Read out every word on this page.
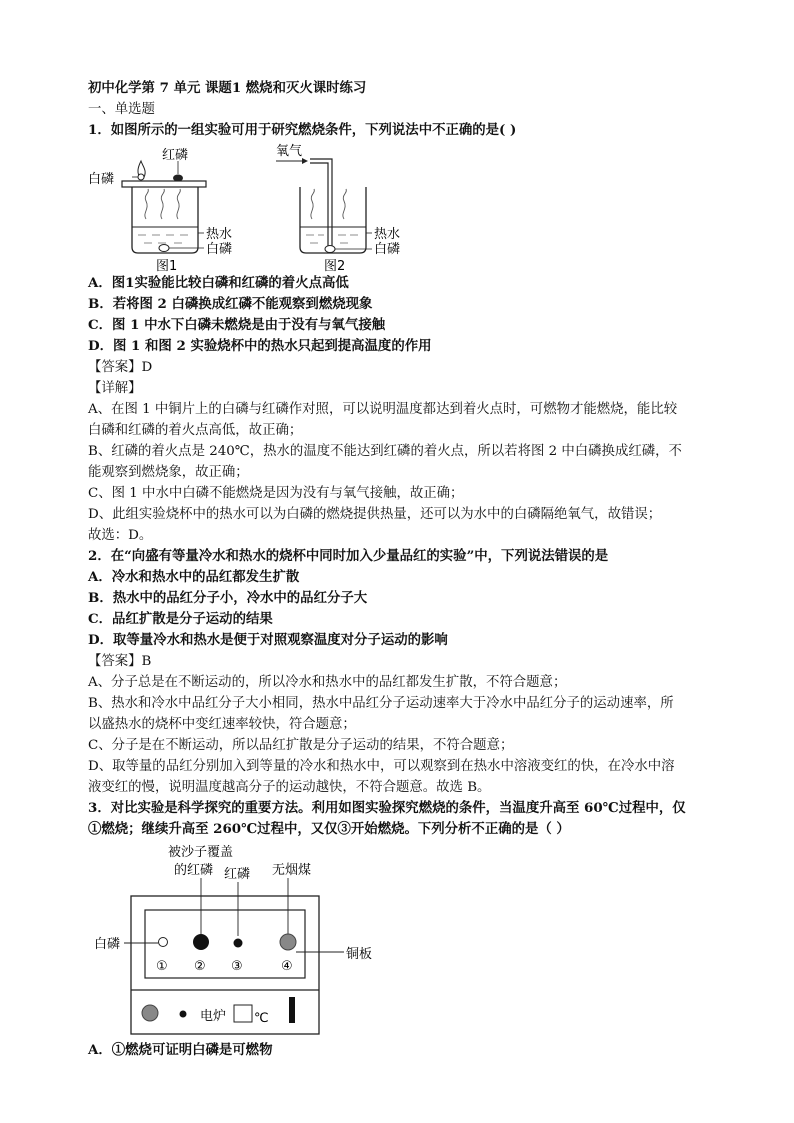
初中化学第 7 单元 课题1 燃烧和灭火课时练习
一、单选题
1．如图所示的一组实验可用于研究燃烧条件，下列说法中不正确的是( )
红磷
白磷
热水
白磷
图1
氧气
热水
白磷
图2
A．图1实验能比较白磷和红磷的着火点高低
B．若将图 2 白磷换成红磷不能观察到燃烧现象
C．图 1 中水下白磷未燃烧是由于没有与氧气接触
D．图 1 和图 2 实验烧杯中的热水只起到提高温度的作用
【答案】D
【详解】
A、在图 1 中铜片上的白磷与红磷作对照，可以说明温度都达到着火点时，可燃物才能燃烧，能比较
白磷和红磷的着火点高低，故正确；
B、红磷的着火点是 240℃，热水的温度不能达到红磷的着火点，所以若将图 2 中白磷换成红磷，不
能观察到燃烧象，故正确；
C、图 1 中水中白磷不能燃烧是因为没有与氧气接触，故正确；
D、此组实验烧杯中的热水可以为白磷的燃烧提供热量，还可以为水中的白磷隔绝氧气，故错误；
故选：D。
2．在“向盛有等量冷水和热水的烧杯中同时加入少量品红的实验”中，下列说法错误的是
A．冷水和热水中的品红都发生扩散
B．热水中的品红分子小，冷水中的品红分子大
C．品红扩散是分子运动的结果
D．取等量冷水和热水是便于对照观察温度对分子运动的影响
【答案】B
A、分子总是在不断运动的，所以冷水和热水中的品红都发生扩散，不符合题意；
B、热水和冷水中品红分子大小相同，热水中品红分子运动速率大于冷水中品红分子的运动速率，所
以盛热水的烧杯中变红速率较快，符合题意；
C、分子是在不断运动，所以品红扩散是分子运动的结果，不符合题意；
D、取等量的品红分别加入到等量的冷水和热水中，可以观察到在热水中溶液变红的快，在冷水中溶
液变红的慢，说明温度越高分子的运动越快，不符合题意。故选 B。
3．对比实验是科学探究的重要方法。利用如图实验探究燃烧的条件，当温度升高至 60℃过程中，仅
①燃烧；继续升高至 260℃过程中，又仅③开始燃烧。下列分析不正确的是（ ）
被沙子覆盖
的红磷 红磷 无烟煤
白磷
铜板
① ② ③	④
电炉 ℃
A．①燃烧可证明白磷是可燃物
